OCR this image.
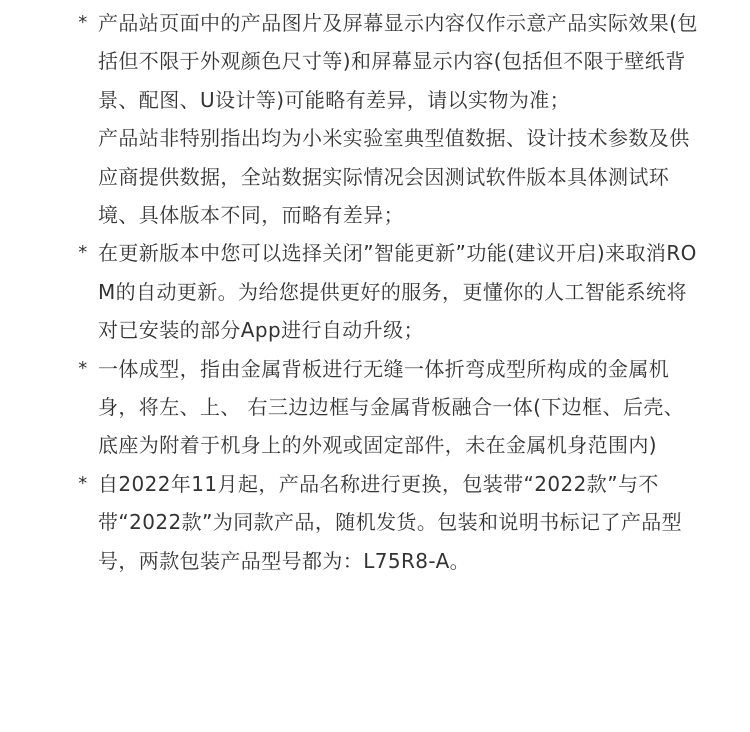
* 产品站页面中的产品图片及屏幕显示内容仅作示意产品实际效果(包括但不限于外观颜色尺寸等)和屏幕显示内容(包括但不限于壁纸背景、配图、U设计等)可能略有差异，请以实物为准；
产品站非特别指出均为小米实验室典型值数据、设计技术参数及供应商提供数据，全站数据实际情况会因测试软件版本具体测试环境、具体版本不同，而略有差异；
* 在更新版本中您可以选择关闭”智能更新”功能(建议开启)来取消ROM的自动更新。为给您提供更好的服务，更懂你的人工智能系统将对已安装的部分App进行自动升级；
* 一体成型，指由金属背板进行无缝一体折弯成型所构成的金属机身，将左、上、 右三边边框与金属背板融合一体(下边框、后壳、底座为附着于机身上的外观或固定部件，未在金属机身范围内)
* 自2022年11月起，产品名称进行更换，包装带“2022款”与不带“2022款”为同款产品，随机发货。包装和说明书标记了产品型号，两款包装产品型号都为：L75R8-A。
